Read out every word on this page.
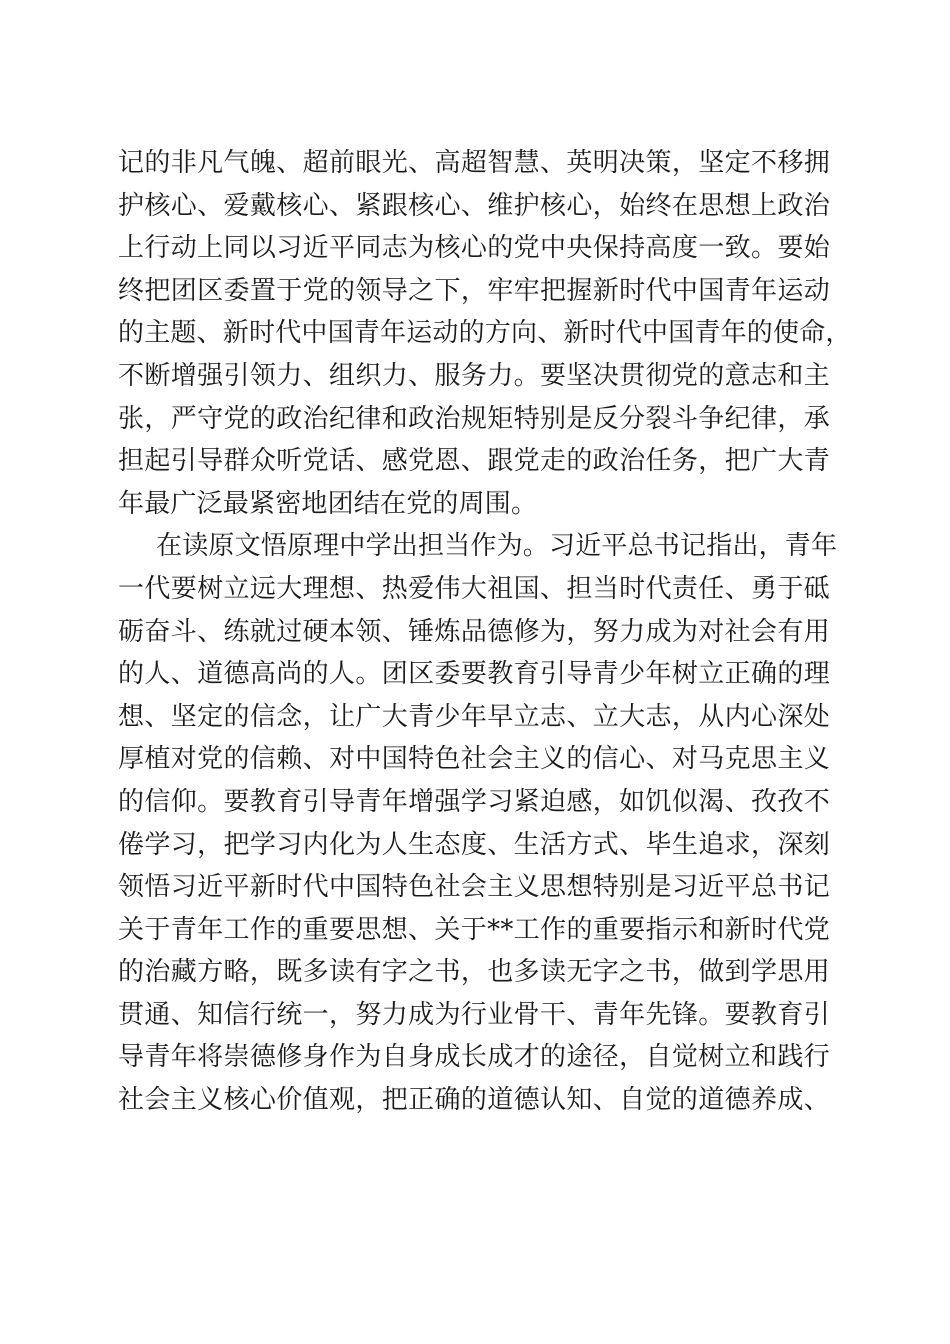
记的非凡气魄、超前眼光、高超智慧、英明决策，坚定不移拥
护核心、爱戴核心、紧跟核心、维护核心，始终在思想上政治
上行动上同以习近平同志为核心的党中央保持高度一致。要始
终把团区委置于党的领导之下，牢牢把握新时代中国青年运动
的主题、新时代中国青年运动的方向、新时代中国青年的使命，
不断增强引领力、组织力、服务力。要坚决贯彻党的意志和主
张，严守党的政治纪律和政治规矩特别是反分裂斗争纪律，承
担起引导群众听党话、感党恩、跟党走的政治任务，把广大青
年最广泛最紧密地团结在党的周围。
在读原文悟原理中学出担当作为。习近平总书记指出，青年
一代要树立远大理想、热爱伟大祖国、担当时代责任、勇于砥
砺奋斗、练就过硬本领、锤炼品德修为，努力成为对社会有用
的人、道德高尚的人。团区委要教育引导青少年树立正确的理
想、坚定的信念，让广大青少年早立志、立大志，从内心深处
厚植对党的信赖、对中国特色社会主义的信心、对马克思主义
的信仰。要教育引导青年增强学习紧迫感，如饥似渴、孜孜不
倦学习，把学习内化为人生态度、生活方式、毕生追求，深刻
领悟习近平新时代中国特色社会主义思想特别是习近平总书记
关于青年工作的重要思想、关于**工作的重要指示和新时代党
的治藏方略，既多读有字之书，也多读无字之书，做到学思用
贯通、知信行统一，努力成为行业骨干、青年先锋。要教育引
导青年将崇德修身作为自身成长成才的途径，自觉树立和践行
社会主义核心价值观，把正确的道德认知、自觉的道德养成、
